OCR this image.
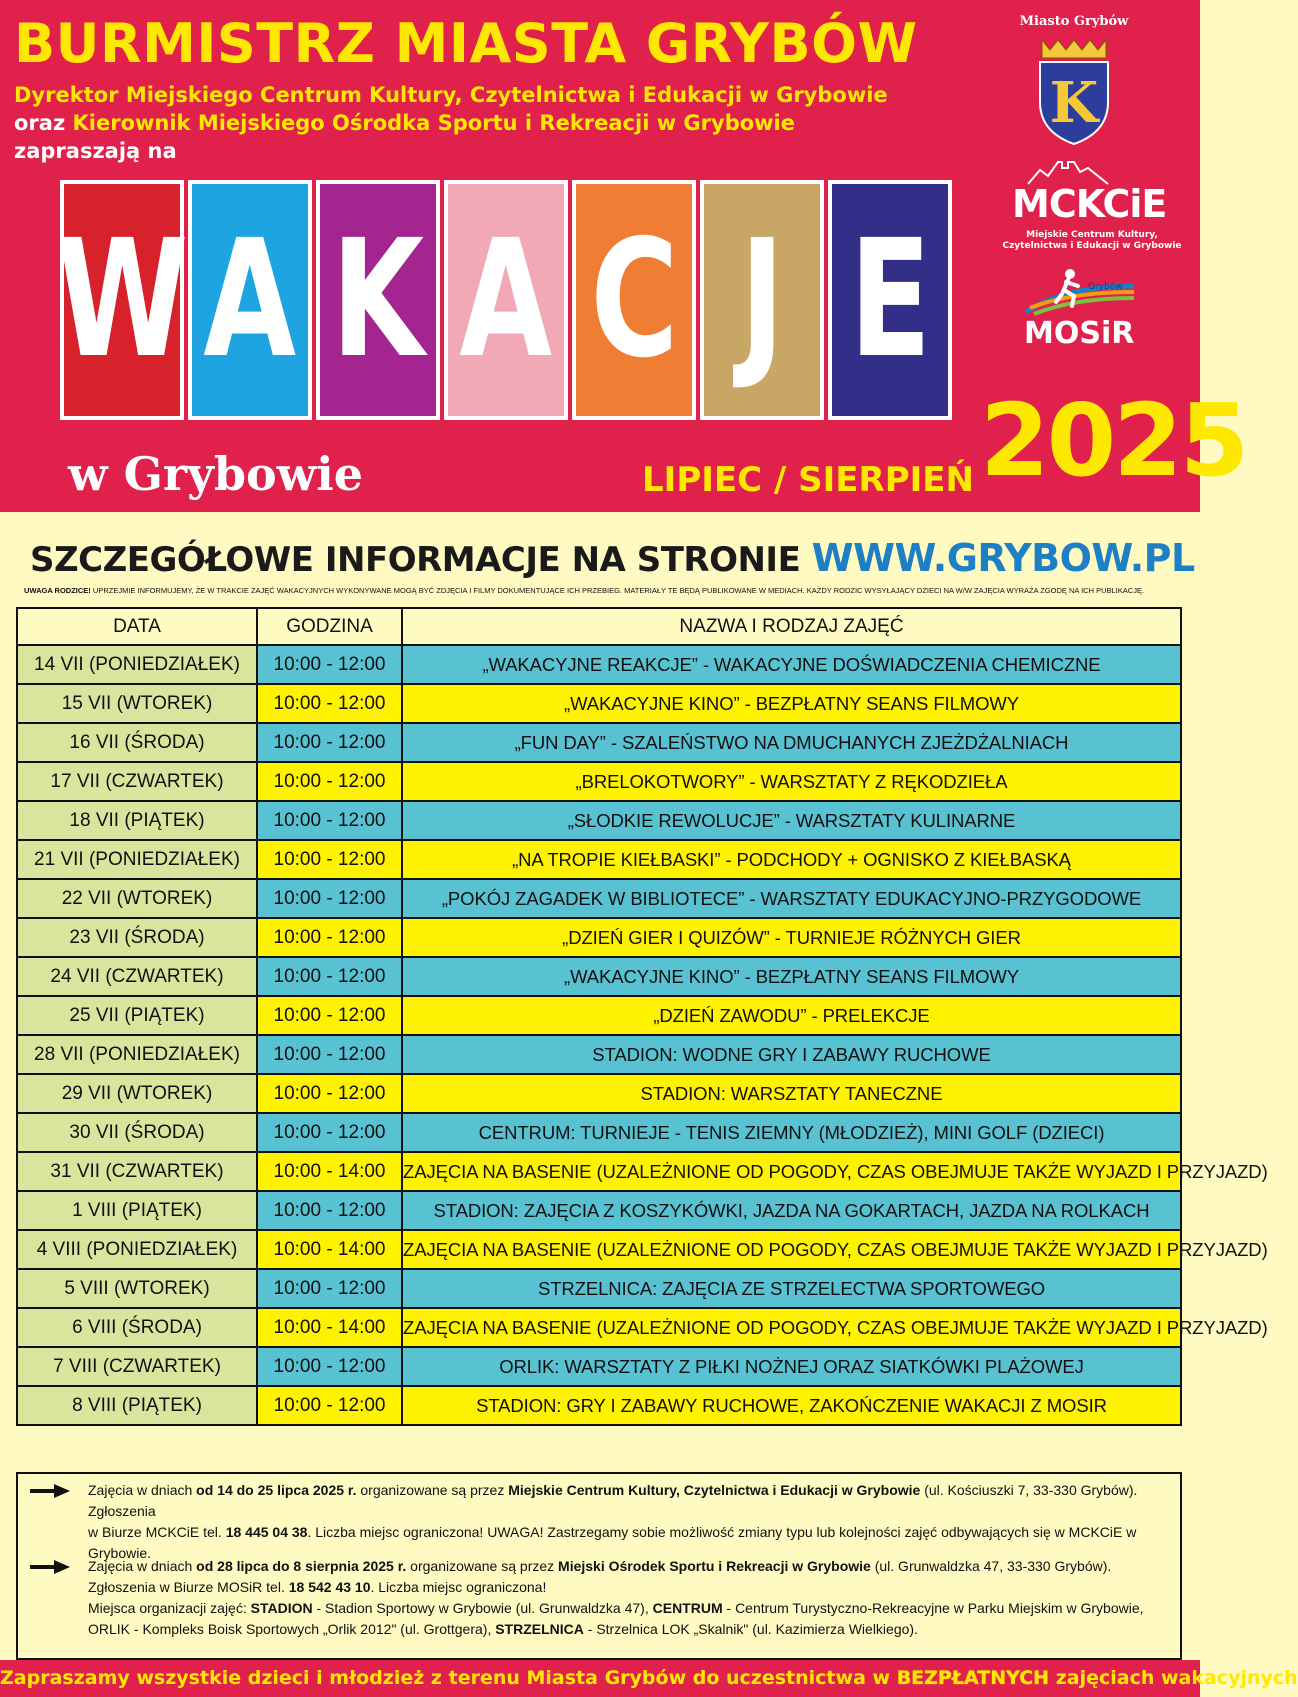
BURMISTRZ MIASTA GRYBÓW
Dyrektor Miejskiego Centrum Kultury, Czytelnictwa i Edukacji w Grybowie
oraz Kierownik Miejskiego Ośrodka Sportu i Rekreacji w Grybowie
zapraszają na
W A K A C J E
w Grybowie	LIPIEC / SIERPIEŃ 2025
Miasto Grybów
K
MCKCiE
Miejskie Centrum Kultury,
Czytelnictwa i Edukacji w Grybowie
Grybów
MOSiR
SZCZEGÓŁOWE INFORMACJE NA STRONIE WWW.GRYBOW.PL
UWAGA RODZICE! UPRZEJMIE INFORMUJEMY, ŻE W TRAKCIE ZAJĘĆ WAKACYJNYCH WYKONYWANE MOGĄ BYĆ ZDJĘCIA I FILMY DOKUMENTUJĄCE ICH PRZEBIEG. MATERIAŁY TE BĘDĄ PUBLIKOWANE W MEDIACH. KAŻDY RODZIC WYSYŁAJĄCY DZIECI NA W/W ZAJĘCIA WYRAŻA ZGODĘ NA ICH PUBLIKACJĘ.
DATA	GODZINA	NAZWA I RODZAJ ZAJĘĆ
14 VII (PONIEDZIAŁEK)	10:00 - 12:00	„WAKACYJNE REAKCJE” - WAKACYJNE DOŚWIADCZENIA CHEMICZNE
15 VII (WTOREK)	10:00 - 12:00	„WAKACYJNE KINO” - BEZPŁATNY SEANS FILMOWY
16 VII (ŚRODA)	10:00 - 12:00	„FUN DAY” - SZALEŃSTWO NA DMUCHANYCH ZJEŻDŻALNIACH
17 VII (CZWARTEK)	10:00 - 12:00	„BRELOKOTWORY” - WARSZTATY Z RĘKODZIEŁA
18 VII (PIĄTEK)	10:00 - 12:00	„SŁODKIE REWOLUCJE” - WARSZTATY KULINARNE
21 VII (PONIEDZIAŁEK)	10:00 - 12:00	„NA TROPIE KIEŁBASKI” - PODCHODY + OGNISKO Z KIEŁBASKĄ
22 VII (WTOREK)	10:00 - 12:00	„POKÓJ ZAGADEK W BIBLIOTECE” - WARSZTATY EDUKACYJNO-PRZYGODOWE
23 VII (ŚRODA)	10:00 - 12:00	„DZIEŃ GIER I QUIZÓW” - TURNIEJE RÓŻNYCH GIER
24 VII (CZWARTEK)	10:00 - 12:00	„WAKACYJNE KINO” - BEZPŁATNY SEANS FILMOWY
25 VII (PIĄTEK)	10:00 - 12:00	„DZIEŃ ZAWODU” - PRELEKCJE
28 VII (PONIEDZIAŁEK)	10:00 - 12:00	STADION: WODNE GRY I ZABAWY RUCHOWE
29 VII (WTOREK)	10:00 - 12:00	STADION: WARSZTATY TANECZNE
30 VII (ŚRODA)	10:00 - 12:00	CENTRUM: TURNIEJE - TENIS ZIEMNY (MŁODZIEŻ), MINI GOLF (DZIECI)
31 VII (CZWARTEK)	10:00 - 14:00	ZAJĘCIA NA BASENIE (UZALEŻNIONE OD POGODY, CZAS OBEJMUJE TAKŻE WYJAZD I PRZYJAZD)
1 VIII (PIĄTEK)	10:00 - 12:00	STADION: ZAJĘCIA Z KOSZYKÓWKI, JAZDA NA GOKARTACH, JAZDA NA ROLKACH
4 VIII (PONIEDZIAŁEK)	10:00 - 14:00	ZAJĘCIA NA BASENIE (UZALEŻNIONE OD POGODY, CZAS OBEJMUJE TAKŻE WYJAZD I PRZYJAZD)
5 VIII (WTOREK)	10:00 - 12:00	STRZELNICA: ZAJĘCIA ZE STRZELECTWA SPORTOWEGO
6 VIII (ŚRODA)	10:00 - 14:00	ZAJĘCIA NA BASENIE (UZALEŻNIONE OD POGODY, CZAS OBEJMUJE TAKŻE WYJAZD I PRZYJAZD)
7 VIII (CZWARTEK)	10:00 - 12:00	ORLIK: WARSZTATY Z PIŁKI NOŻNEJ ORAZ SIATKÓWKI PLAŻOWEJ
8 VIII (PIĄTEK)	10:00 - 12:00	STADION: GRY I ZABAWY RUCHOWE, ZAKOŃCZENIE WAKACJI Z MOSIR

Zajęcia w dniach od 14 do 25 lipca 2025 r. organizowane są przez Miejskie Centrum Kultury, Czytelnictwa i Edukacji w Grybowie (ul. Kościuszki 7, 33-330 Grybów). Zgłoszenia
w Biurze MCKCiE tel. 18 445 04 38. Liczba miejsc ograniczona! UWAGA! Zastrzegamy sobie możliwość zmiany typu lub kolejności zajęć odbywających się w MCKCiE w Grybowie.

Zajęcia w dniach od 28 lipca do 8 sierpnia 2025 r. organizowane są przez Miejski Ośrodek Sportu i Rekreacji w Grybowie (ul. Grunwaldzka 47, 33-330 Grybów).
Zgłoszenia w Biurze MOSiR tel. 18 542 43 10. Liczba miejsc ograniczona!
Miejsca organizacji zajęć: STADION - Stadion Sportowy w Grybowie (ul. Grunwaldzka 47), CENTRUM - Centrum Turystyczno-Rekreacyjne w Parku Miejskim w Grybowie,
ORLIK - Kompleks Boisk Sportowych „Orlik 2012" (ul. Grottgera), STRZELNICA - Strzelnica LOK „Skalnik" (ul. Kazimierza Wielkiego).

Zapraszamy wszystkie dzieci i młodzież z terenu Miasta Grybów do uczestnictwa w BEZPŁATNYCH zajęciach wakacyjnych
